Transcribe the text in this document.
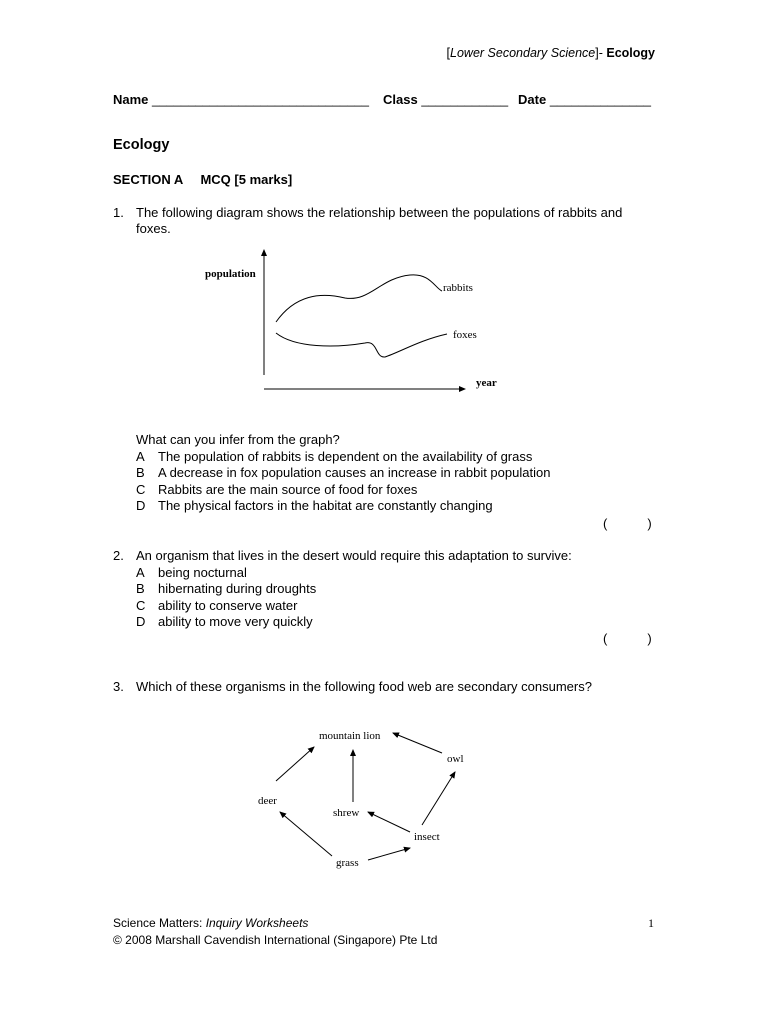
[Lower Secondary Science]- Ecology
Name ______________________________ Class ____________ Date ______________
Ecology
SECTION A MCQ [5 marks]
1. The following diagram shows the relationship between the populations of rabbits and
foxes.
population
year
rabbits
foxes
What can you infer from the graph?
A	The population of rabbits is dependent on the availability of grass
B	A decrease in fox population causes an increase in rabbit population
C Rabbits are the main source of food for foxes
D The physical factors in the habitat are constantly changing
(	)
2. An organism that lives in the desert would require this adaptation to survive:
A	being nocturnal
B	hibernating during droughts
C ability to conserve water
D ability to move very quickly
(	)
3. Which of these organisms in the following food web are secondary consumers?
mountain lion
owl
deer
shrew
insect
grass
Science Matters: Inquiry Worksheets
© 2008 Marshall Cavendish International (Singapore) Pte Ltd
1
